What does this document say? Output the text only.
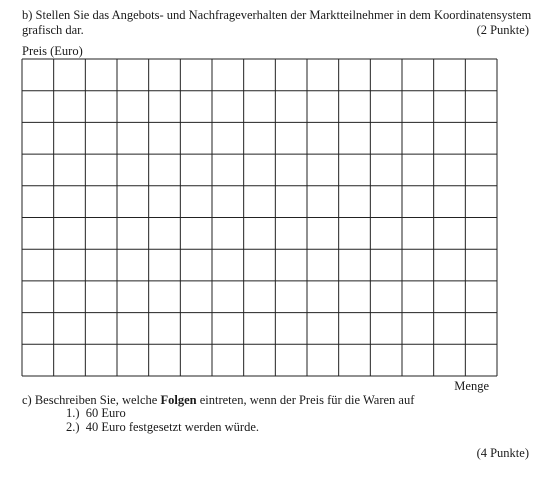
b) Stellen Sie das Angebots- und Nachfrageverhalten der Marktteilnehmer in dem Koordinatensystem
grafisch dar.	(2 Punkte)
Preis (Euro)
Menge
c) Beschreiben Sie, welche Folgen eintreten, wenn der Preis für die Waren auf
1.) 60 Euro
2.) 40 Euro festgesetzt werden würde.
(4 Punkte)
